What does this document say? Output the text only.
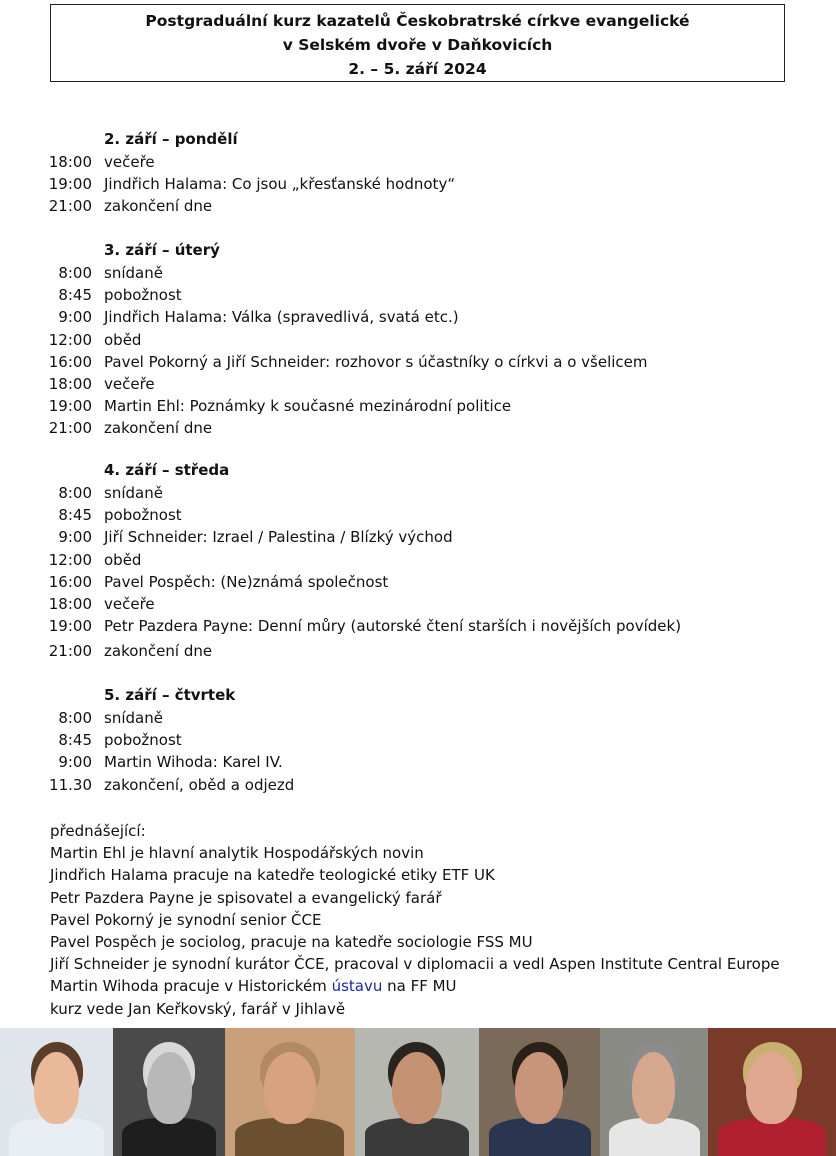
Postgraduální kurz kazatelů Českobratrské církve evangelické
v Selském dvoře v Daňkovicích
2. – 5. září 2024
2. září – pondělí
18:00 večeře
19:00 Jindřich Halama: Co jsou „křesťanské hodnoty“
21:00 zakončení dne
3. září – úterý
8:00 snídaně
8:45 pobožnost
9:00 Jindřich Halama: Válka (spravedlivá, svatá etc.)
12:00 oběd
16:00 Pavel Pokorný a Jiří Schneider: rozhovor s účastníky o církvi a o všelicem
18:00 večeře
19:00 Martin Ehl: Poznámky k současné mezinárodní politice
21:00 zakončení dne
4. září – středa
8:00 snídaně
8:45 pobožnost
9:00 Jiří Schneider: Izrael / Palestina / Blízký východ
12:00 oběd
16:00 Pavel Pospěch: (Ne)známá společnost
18:00 večeře
19:00 Petr Pazdera Payne: Denní můry (autorské čtení starších i novějších povídek)
21:00 zakončení dne
5. září – čtvrtek
8:00 snídaně
8:45 pobožnost
9:00 Martin Wihoda: Karel IV.
11.30 zakončení, oběd a odjezd
přednášející:
Martin Ehl je hlavní analytik Hospodářských novin
Jindřich Halama pracuje na katedře teologické etiky ETF UK
Petr Pazdera Payne je spisovatel a evangelický farář
Pavel Pokorný je synodní senior ČCE
Pavel Pospěch je sociolog, pracuje na katedře sociologie FSS MU
Jiří Schneider je synodní kurátor ČCE, pracoval v diplomacii a vedl Aspen Institute Central Europe
Martin Wihoda pracuje v Historickém ústavu na FF MU
kurz vede Jan Keřkovský, farář v Jihlavě
